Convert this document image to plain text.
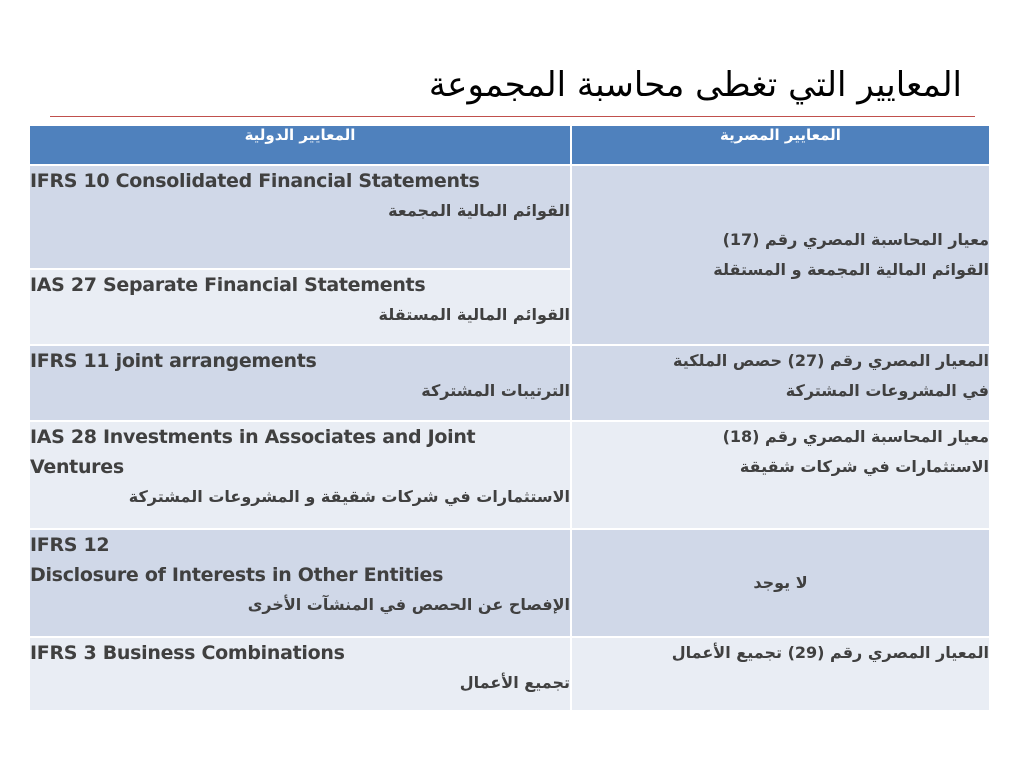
المعايير التي تغطى محاسبة المجموعة
المعايير الدولية	المعايير المصرية

IFRS 10 Consolidated Financial Statements
القوائم المالية المجمعة	معيار المحاسبة المصري رقم (17)
القوائم المالية المجمعة و المستقلة

IAS 27 Separate Financial Statements
القوائم المالية المستقلة	

IFRS 11 joint arrangements
الترتيبات المشتركة	المعيار المصري رقم (27) حصص الملكية
في المشروعات المشتركة

IAS 28 Investments in Associates and Joint Ventures
الاستثمارات في شركات شقيقة و المشروعات المشتركة	معيار المحاسبة المصري رقم (18)
الاستثمارات في شركات شقيقة

IFRS 12
Disclosure of Interests in Other Entities
الإفصاح عن الحصص في المنشآت الأخرى	لا يوجد

IFRS 3 Business Combinations
تجميع الأعمال	المعيار المصري رقم (29) تجميع الأعمال
